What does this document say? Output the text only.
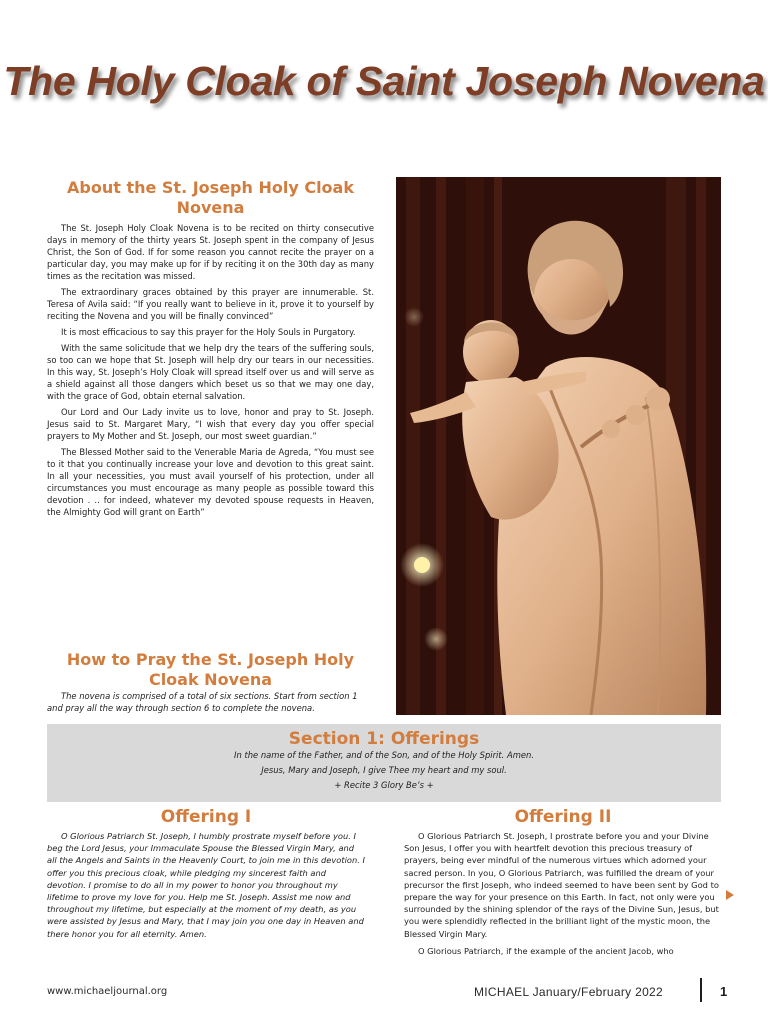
The Holy Cloak of Saint Joseph Novena
About the St. Joseph Holy Cloak Novena

The St. Joseph Holy Cloak Novena is to be recited on thirty consecutive days in memory of the thirty years St. Joseph spent in the company of Jesus Christ, the Son of God. If for some reason you cannot recite the prayer on a particular day, you may make up for if by reciting it on the 30th day as many times as the recitation was missed.

The extraordinary graces obtained by this prayer are innumerable. St. Teresa of Avila said: “If you really want to believe in it, prove it to yourself by reciting the Novena and you will be finally convinced”

It is most efficacious to say this prayer for the Holy Souls in Purgatory.

With the same solicitude that we help dry the tears of the suffering souls, so too can we hope that St. Joseph will help dry our tears in our necessities. In this way, St. Joseph’s Holy Cloak will spread itself over us and will serve as a shield against all those dangers which beset us so that we may one day, with the grace of God, obtain eternal salvation.

Our Lord and Our Lady invite us to love, honor and pray to St. Joseph. Jesus said to St. Margaret Mary, “I wish that every day you offer special prayers to My Mother and St. Joseph, our most sweet guardian.”

The Blessed Mother said to the Venerable Maria de Agreda, “You must see to it that you continually increase your love and devotion to this great saint. In all your necessities, you must avail yourself of his protection, under all circumstances you must encourage as many people as possible toward this devotion . .. for indeed, whatever my devoted spouse requests in Heaven, the Almighty God will grant on Earth”

How to Pray the St. Joseph Holy Cloak Novena

The novena is comprised of a total of six sections. Start from section 1 and pray all the way through section 6 to complete the novena.

Section 1: Offerings

In the name of the Father, and of the Son, and of the Holy Spirit. Amen.

Jesus, Mary and Joseph, I give Thee my heart and my soul.

+ Recite 3 Glory Be’s +

Offering I

O Glorious Patriarch St. Joseph, I humbly prostrate myself before you. I beg the Lord Jesus, your Immaculate Spouse the Blessed Virgin Mary, and all the Angels and Saints in the Heavenly Court, to join me in this devotion. I offer you this precious cloak, while pledging my sincerest faith and devotion. I promise to do all in my power to honor you throughout my lifetime to prove my love for you. Help me St. Joseph. Assist me now and throughout my lifetime, but especially at the moment of my death, as you were assisted by Jesus and Mary, that I may join you one day in Heaven and there honor you for all eternity. Amen.

Offering II

O Glorious Patriarch St. Joseph, I prostrate before you and your Divine Son Jesus, I offer you with heartfelt devotion this precious treasury of prayers, being ever mindful of the numerous virtues which adorned your sacred person. In you, O Glorious Patriarch, was fulfilled the dream of your precursor the first Joseph, who indeed seemed to have been sent by God to prepare the way for your presence on this Earth. In fact, not only were you surrounded by the shining splendor of the rays of the Divine Sun, Jesus, but you were splendidly reflected in the brilliant light of the mystic moon, the Blessed Virgin Mary.

O Glorious Patriarch, if the example of the ancient Jacob, who

www.michaeljournal.org	MICHAEL January/February 2022	1
